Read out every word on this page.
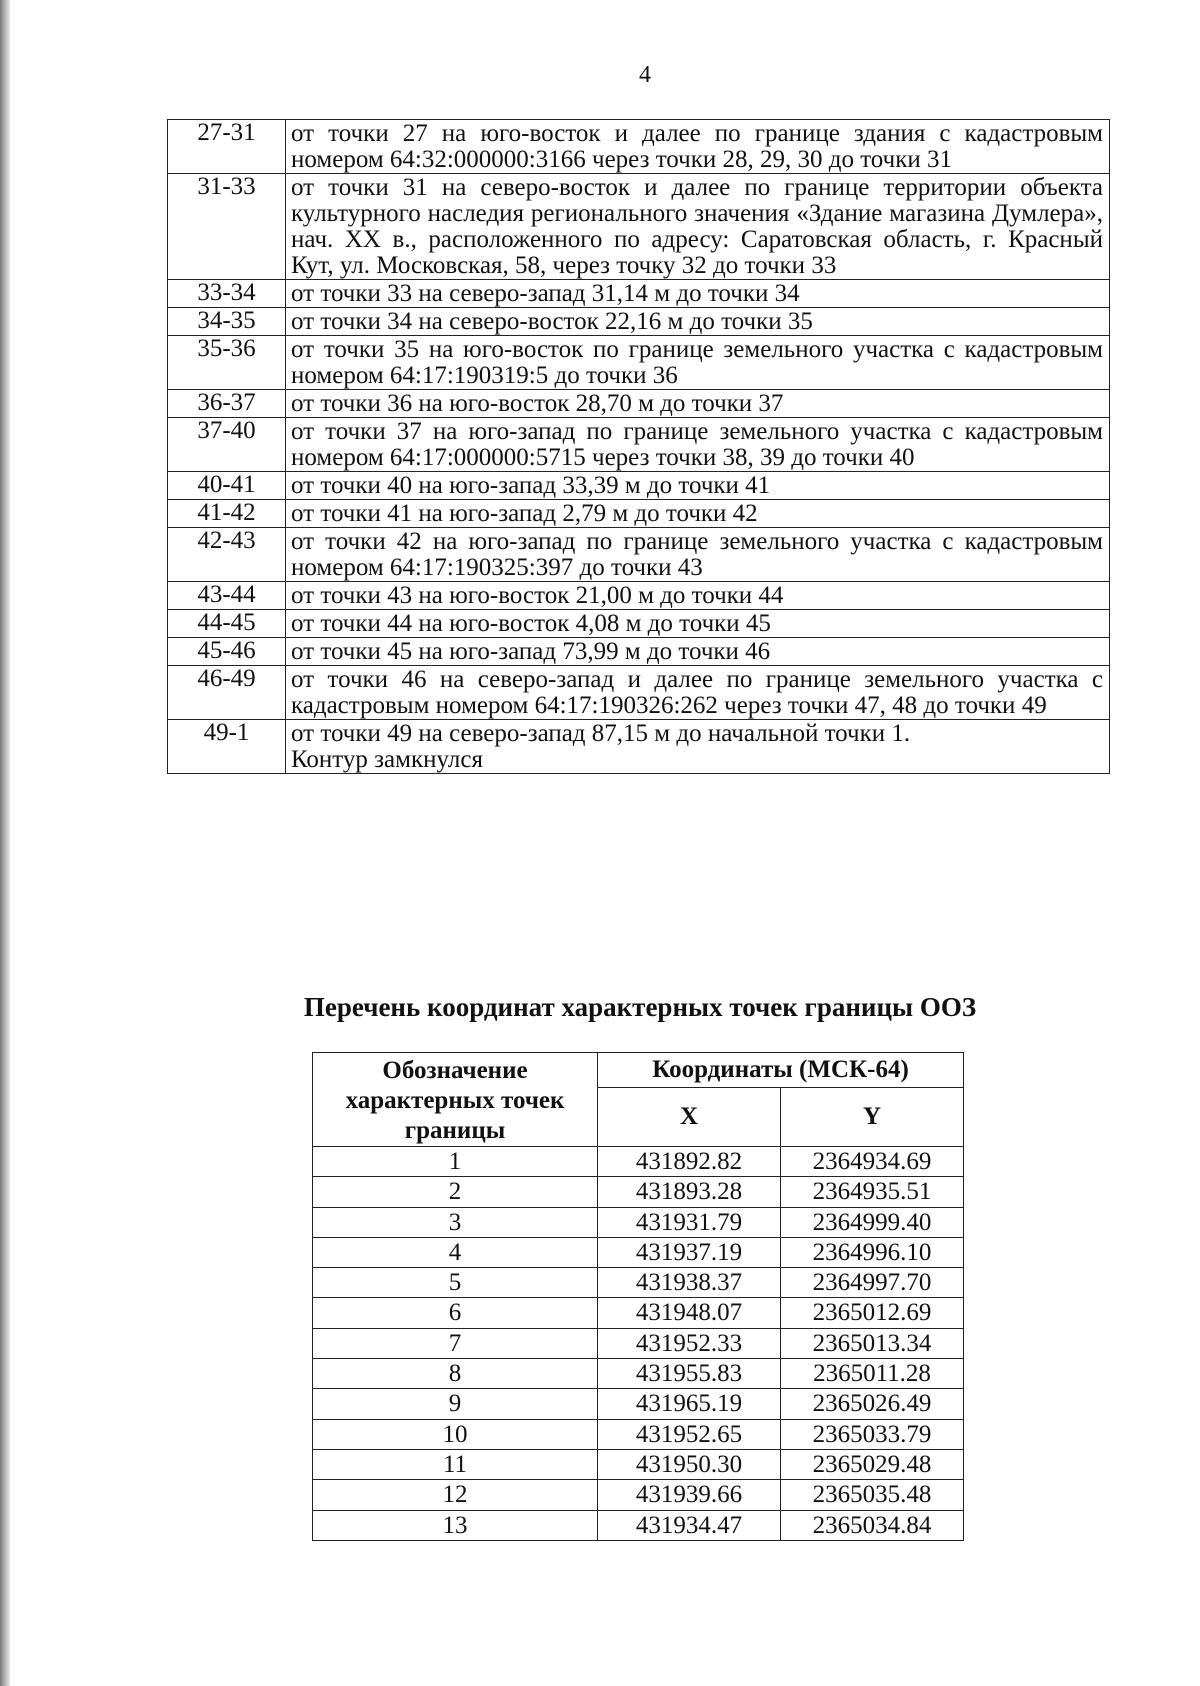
4
27-31	от точки 27 на юго-восток и далее по границе здания с кадастровым номером 64:32:000000:3166 через точки 28, 29, 30 до точки 31

31-33	от точки 31 на северо-восток и далее по границе территории объекта культурного наследия регионального значения «Здание магазина Думлера», нач. XX в., расположенного по адресу: Саратовская область, г. Красный Кут, ул. Московская, 58, через точку 32 до точки 33

33-34	от точки 33 на северо-запад 31,14 м до точки 34

34-35	от точки 34 на северо-восток 22,16 м до точки 35

35-36	от точки 35 на юго-восток по границе земельного участка с кадастровым номером 64:17:190319:5 до точки 36

36-37	от точки 36 на юго-восток 28,70 м до точки 37

37-40	от точки 37 на юго-запад по границе земельного участка с кадастровым номером 64:17:000000:5715 через точки 38, 39 до точки 40

40-41	от точки 40 на юго-запад 33,39 м до точки 41

41-42	от точки 41 на юго-запад 2,79 м до точки 42

42-43	от точки 42 на юго-запад по границе земельного участка с кадастровым номером 64:17:190325:397 до точки 43

43-44	от точки 43 на юго-восток 21,00 м до точки 44

44-45	от точки 44 на юго-восток 4,08 м до точки 45

45-46	от точки 45 на юго-запад 73,99 м до точки 46

46-49	от точки 46 на северо-запад и далее по границе земельного участка с кадастровым номером 64:17:190326:262 через точки 47, 48 до точки 49

49-1	от точки 49 на северо-запад 87,15 м до начальной точки 1.
Контур замкнулся
Перечень координат характерных точек границы ООЗ
Обозначение характерных точек границы	Координаты (МСК-64)	
	X	Y
1	431892.82	2364934.69
2	431893.28	2364935.51
3	431931.79	2364999.40
4	431937.19	2364996.10
5	431938.37	2364997.70
6	431948.07	2365012.69
7	431952.33	2365013.34
8	431955.83	2365011.28
9	431965.19	2365026.49
10	431952.65	2365033.79
11	431950.30	2365029.48
12	431939.66	2365035.48
13	431934.47	2365034.84
